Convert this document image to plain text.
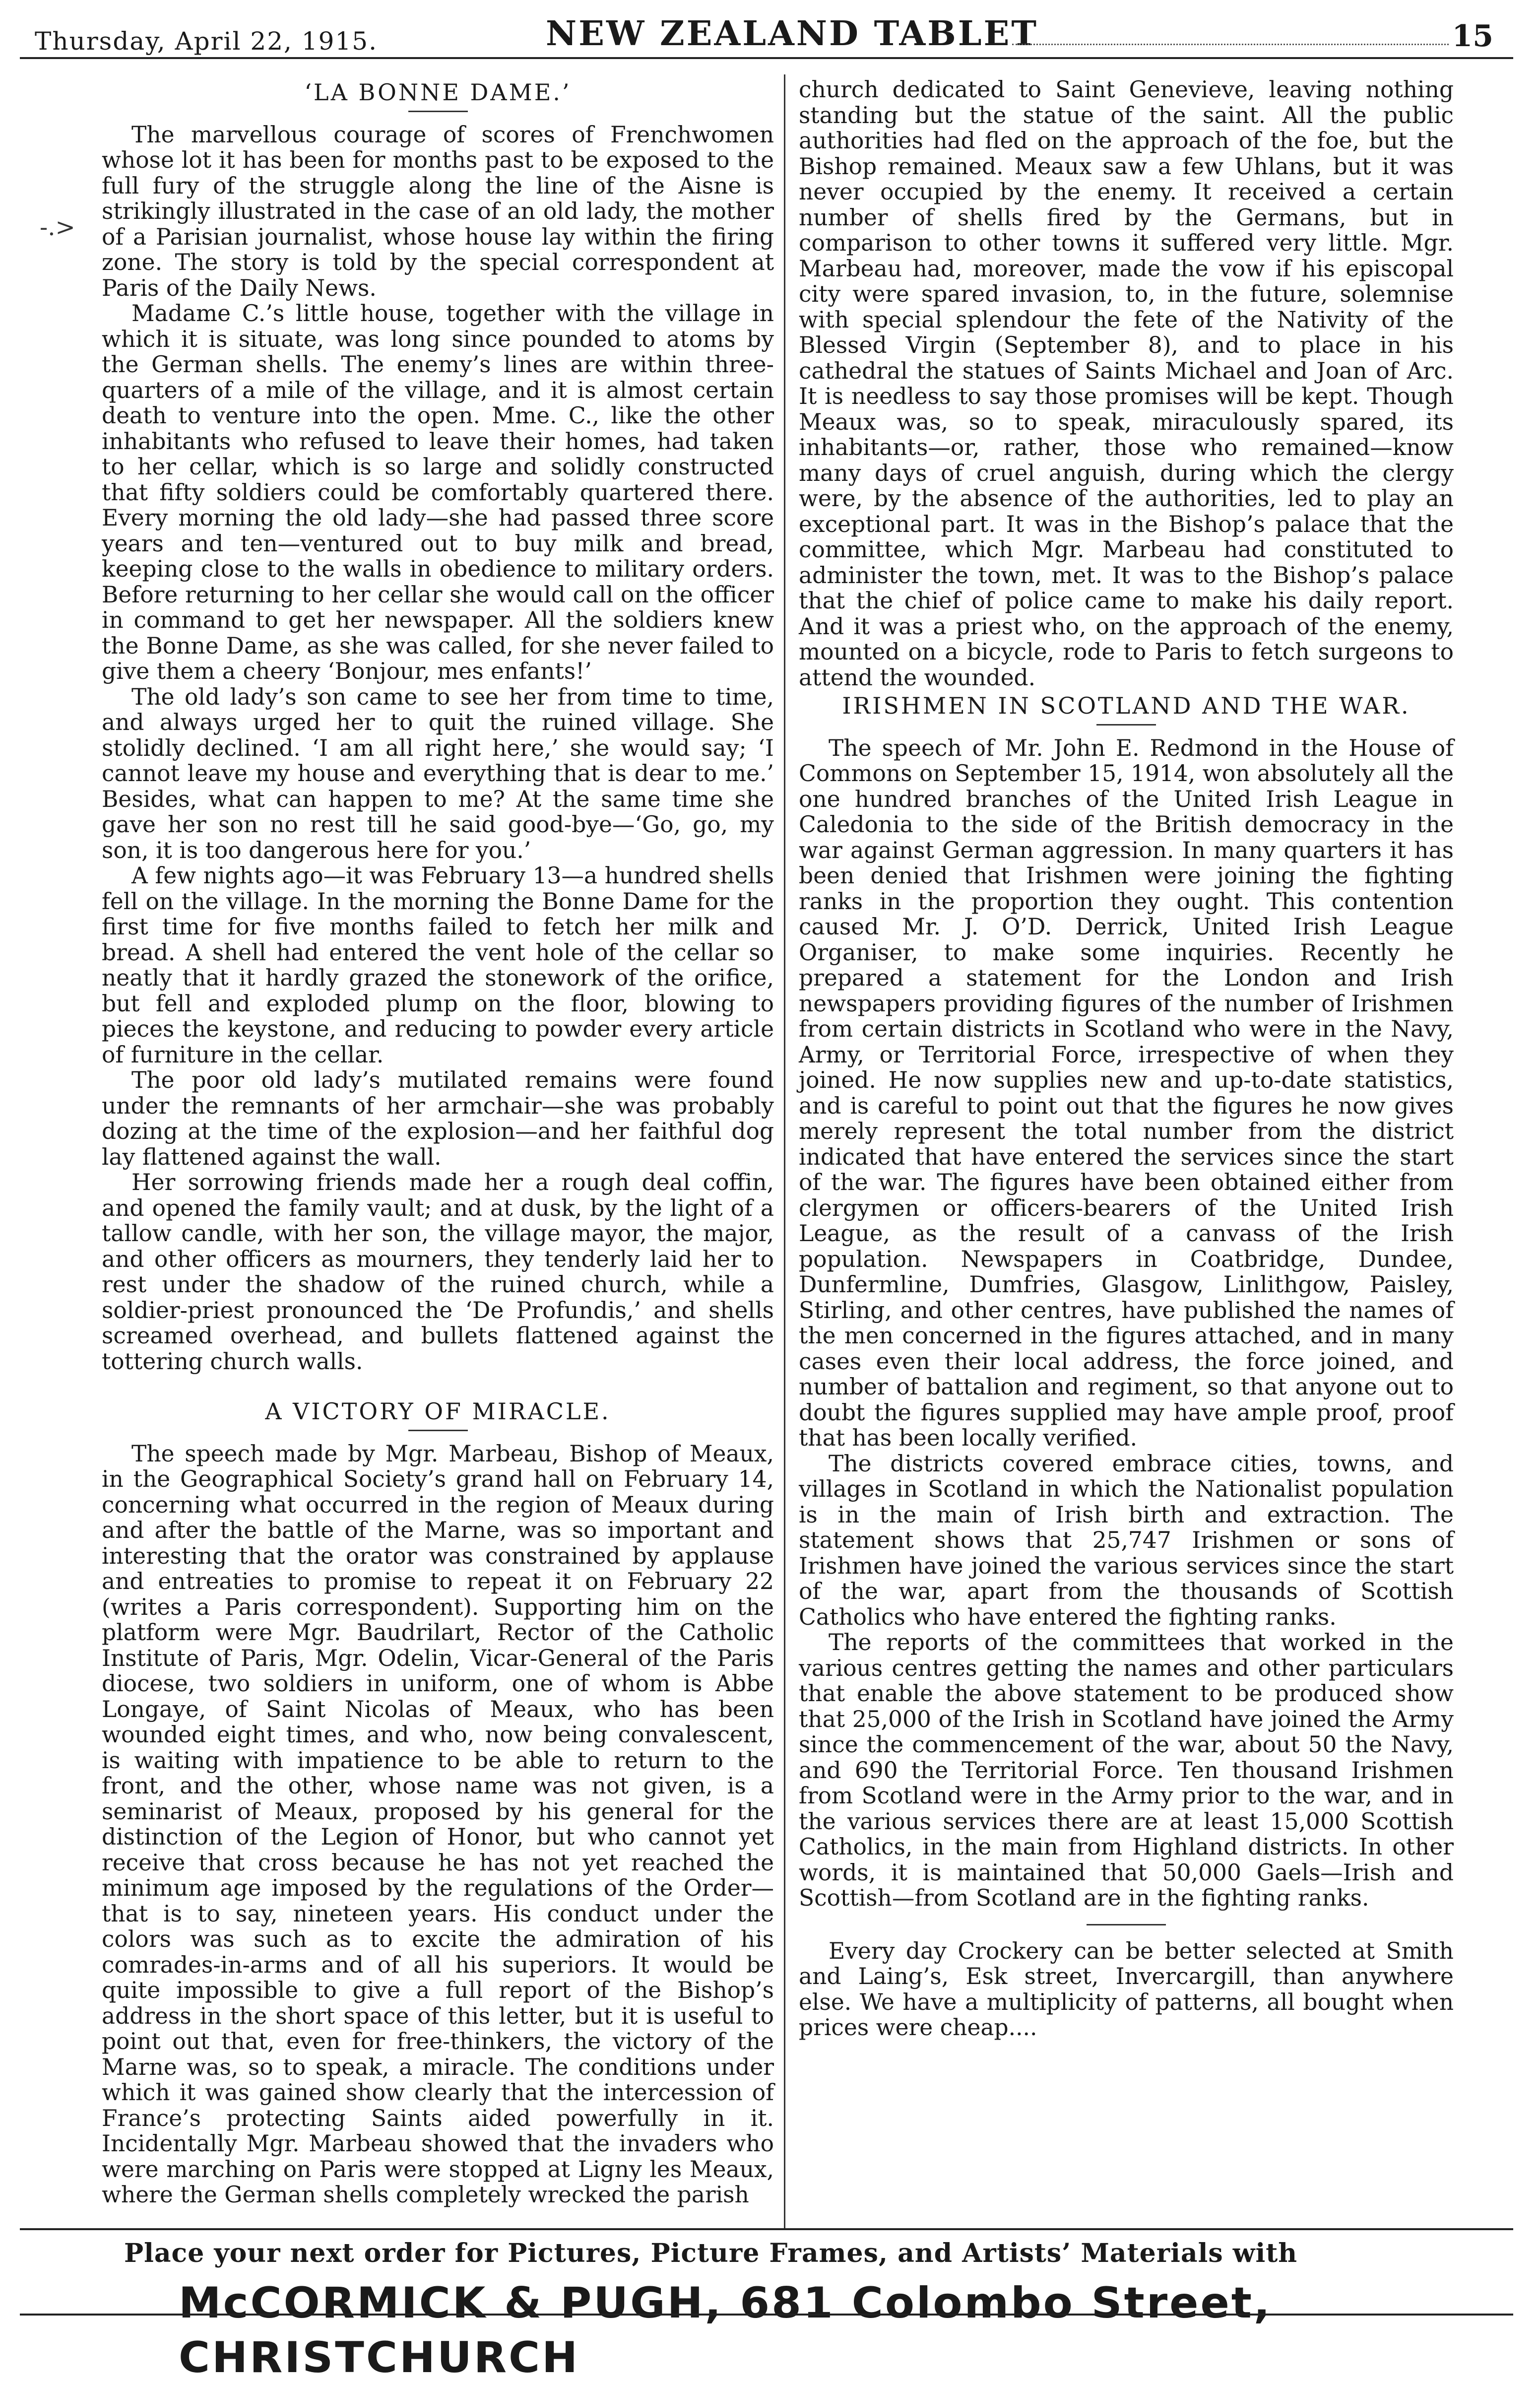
Thursday, April 22, 1915.	NEW ZEALAND TABLET	15
-.>

‘LA BONNE DAME.’

The marvellous courage of scores of Frenchwomen whose lot it has been for months past to be exposed to the full fury of the struggle along the line of the Aisne is strikingly illustrated in the case of an old lady, the mother of a Parisian journalist, whose house lay within the firing zone. The story is told by the special correspondent at Paris of the Daily News.

Madame C.’s little house, together with the village in which it is situate, was long since pounded to atoms by the German shells. The enemy’s lines are within three-quarters of a mile of the village, and it is almost certain death to venture into the open. Mme. C., like the other inhabitants who refused to leave their homes, had taken to her cellar, which is so large and solidly constructed that fifty soldiers could be comfortably quartered there. Every morning the old lady—she had passed three score years and ten—ventured out to buy milk and bread, keeping close to the walls in obedience to military orders. Before returning to her cellar she would call on the officer in command to get her newspaper. All the soldiers knew the Bonne Dame, as she was called, for she never failed to give them a cheery ‘Bonjour, mes enfants!’

The old lady’s son came to see her from time to time, and always urged her to quit the ruined village. She stolidly declined. ‘I am all right here,’ she would say; ‘I cannot leave my house and everything that is dear to me.’ Besides, what can happen to me? At the same time she gave her son no rest till he said good-bye—‘Go, go, my son, it is too dangerous here for you.’

A few nights ago—it was February 13—a hundred shells fell on the village. In the morning the Bonne Dame for the first time for five months failed to fetch her milk and bread. A shell had entered the vent hole of the cellar so neatly that it hardly grazed the stonework of the orifice, but fell and exploded plump on the floor, blowing to pieces the keystone, and reducing to powder every article of furniture in the cellar.

The poor old lady’s mutilated remains were found under the remnants of her armchair—she was probably dozing at the time of the explosion—and her faithful dog lay flattened against the wall.

Her sorrowing friends made her a rough deal coffin, and opened the family vault; and at dusk, by the light of a tallow candle, with her son, the village mayor, the major, and other officers as mourners, they tenderly laid her to rest under the shadow of the ruined church, while a soldier-priest pronounced the ‘De Profundis,’ and shells screamed overhead, and bullets flattened against the tottering church walls.

A VICTORY OF MIRACLE.

The speech made by Mgr. Marbeau, Bishop of Meaux, in the Geographical Society’s grand hall on February 14, concerning what occurred in the region of Meaux during and after the battle of the Marne, was so important and interesting that the orator was constrained by applause and entreaties to promise to repeat it on February 22 (writes a Paris correspondent). Supporting him on the platform were Mgr. Baudrilart, Rector of the Catholic Institute of Paris, Mgr. Odelin, Vicar-General of the Paris diocese, two soldiers in uniform, one of whom is Abbe Longaye, of Saint Nicolas of Meaux, who has been wounded eight times, and who, now being convalescent, is waiting with impatience to be able to return to the front, and the other, whose name was not given, is a seminarist of Meaux, proposed by his general for the distinction of the Legion of Honor, but who cannot yet receive that cross because he has not yet reached the minimum age imposed by the regulations of the Order—that is to say, nineteen years. His conduct under the colors was such as to excite the admiration of his comrades-in-arms and of all his superiors. It would be quite impossible to give a full report of the Bishop’s address in the short space of this letter, but it is useful to point out that, even for free-thinkers, the victory of the Marne was, so to speak, a miracle. The conditions under which it was gained show clearly that the intercession of France’s protecting Saints aided powerfully in it. Incidentally Mgr. Marbeau showed that the invaders who were marching on Paris were stopped at Ligny les Meaux, where the German shells completely wrecked the parish

church dedicated to Saint Genevieve, leaving nothing standing but the statue of the saint. All the public authorities had fled on the approach of the foe, but the Bishop remained. Meaux saw a few Uhlans, but it was never occupied by the enemy. It received a certain number of shells fired by the Germans, but in comparison to other towns it suffered very little. Mgr. Marbeau had, moreover, made the vow if his episcopal city were spared invasion, to, in the future, solemnise with special splendour the fete of the Nativity of the Blessed Virgin (September 8), and to place in his cathedral the statues of Saints Michael and Joan of Arc. It is needless to say those promises will be kept. Though Meaux was, so to speak, miraculously spared, its inhabitants—or, rather, those who remained—know many days of cruel anguish, during which the clergy were, by the absence of the authorities, led to play an exceptional part. It was in the Bishop’s palace that the committee, which Mgr. Marbeau had constituted to administer the town, met. It was to the Bishop’s palace that the chief of police came to make his daily report. And it was a priest who, on the approach of the enemy, mounted on a bicycle, rode to Paris to fetch surgeons to attend the wounded.

IRISHMEN IN SCOTLAND AND THE WAR.

The speech of Mr. John E. Redmond in the House of Commons on September 15, 1914, won absolutely all the one hundred branches of the United Irish League in Caledonia to the side of the British democracy in the war against German aggression. In many quarters it has been denied that Irishmen were joining the fighting ranks in the proportion they ought. This contention caused Mr. J. O’D. Derrick, United Irish League Organiser, to make some inquiries. Recently he prepared a statement for the London and Irish newspapers providing figures of the number of Irishmen from certain districts in Scotland who were in the Navy, Army, or Territorial Force, irrespective of when they joined. He now supplies new and up-to-date statistics, and is careful to point out that the figures he now gives merely represent the total number from the district indicated that have entered the services since the start of the war. The figures have been obtained either from clergymen or officers-bearers of the United Irish League, as the result of a canvass of the Irish population. Newspapers in Coatbridge, Dundee, Dunfermline, Dumfries, Glasgow, Linlithgow, Paisley, Stirling, and other centres, have published the names of the men concerned in the figures attached, and in many cases even their local address, the force joined, and number of battalion and regiment, so that anyone out to doubt the figures supplied may have ample proof, proof that has been locally verified.

The districts covered embrace cities, towns, and villages in Scotland in which the Nationalist population is in the main of Irish birth and extraction. The statement shows that 25,747 Irishmen or sons of Irishmen have joined the various services since the start of the war, apart from the thousands of Scottish Catholics who have entered the fighting ranks.

The reports of the committees that worked in the various centres getting the names and other particulars that enable the above statement to be produced show that 25,000 of the Irish in Scotland have joined the Army since the commencement of the war, about 50 the Navy, and 690 the Territorial Force. Ten thousand Irishmen from Scotland were in the Army prior to the war, and in the various services there are at least 15,000 Scottish Catholics, in the main from Highland districts. In other words, it is maintained that 50,000 Gaels—Irish and Scottish—from Scotland are in the fighting ranks.

Every day Crockery can be better selected at Smith and Laing’s, Esk street, Invercargill, than anywhere else. We have a multiplicity of patterns, all bought when prices were cheap....

Place your next order for Pictures, Picture Frames, and Artists’ Materials with
McCORMICK & PUGH, 681 Colombo Street, CHRISTCHURCH
